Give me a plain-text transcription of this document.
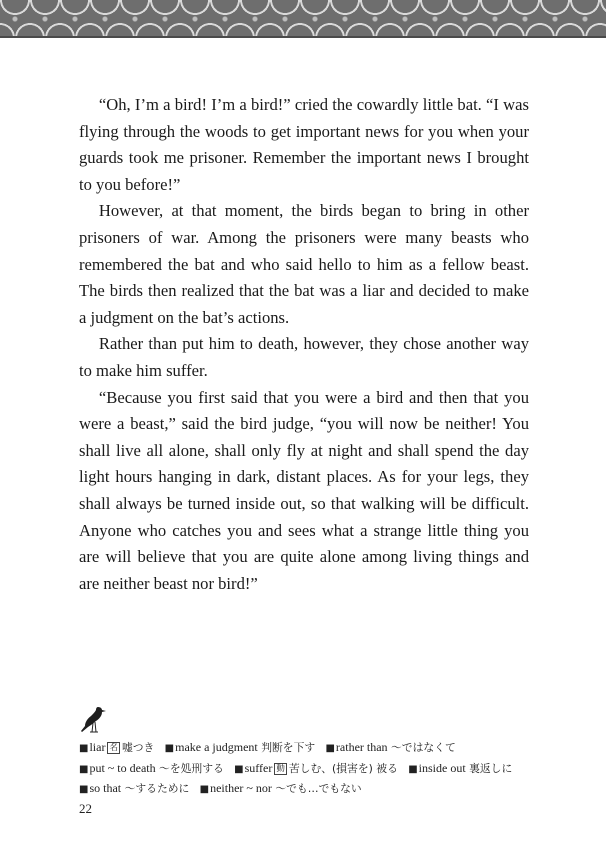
“Oh, I’m a bird! I’m a bird!” cried the cowardly little bat. “I was flying through the woods to get important news for you when your guards took me prisoner. Remember the important news I brought to you before!”

However, at that moment, the birds began to bring in other prisoners of war. Among the prisoners were many beasts who remembered the bat and who said hello to him as a fellow beast. The birds then realized that the bat was a liar and decided to make a judgment on the bat’s actions.

Rather than put him to death, however, they chose another way to make him suffer.

“Because you first said that you were a bird and then that you were a beast,” said the bird judge, “you will now be neither! You shall live all alone, shall only fly at night and shall spend the day light hours hanging in dark, distant places. As for your legs, they shall always be turned inside out, so that walking will be difficult. Anyone who catches you and sees what a strange little thing you are will believe that you are quite alone among living things and are neither beast nor bird!”

■ liar 名 嘘つき ■ make a judgment 判断を下す ■ rather than 〜ではなくて   ■ put ~ to death 〜を処刑する ■ suffer 動 苦しむ、(損害を) 被る ■ inside out 裏返しに   ■ so that 〜するために ■ neither ~ nor 〜でも…でもない
22
